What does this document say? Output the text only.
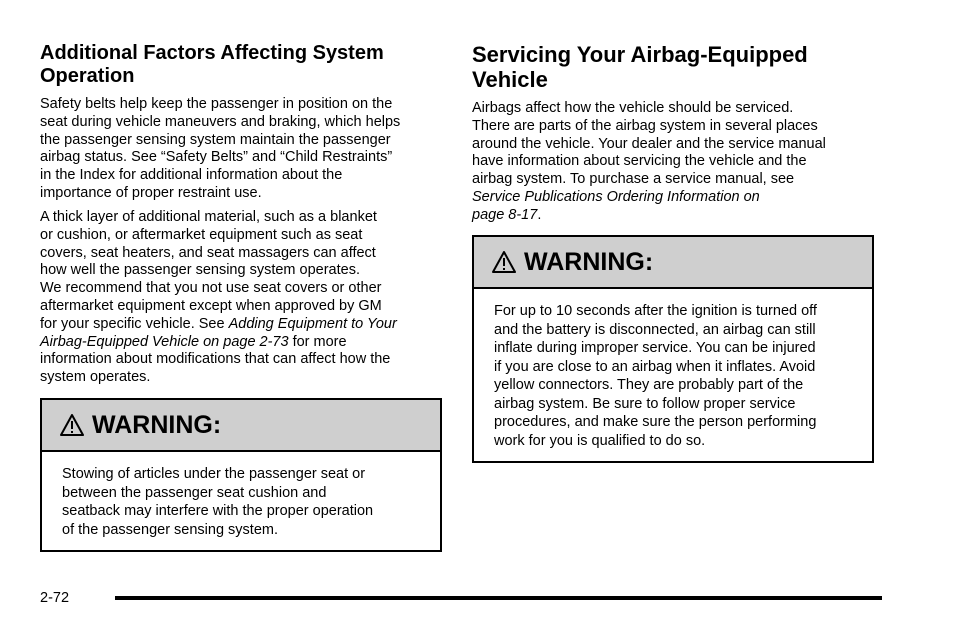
Additional Factors Affecting System
Operation

Safety belts help keep the passenger in position on the
seat during vehicle maneuvers and braking, which helps
the passenger sensing system maintain the passenger
airbag status. See “Safety Belts” and “Child Restraints”
in the Index for additional information about the
importance of proper restraint use.

A thick layer of additional material, such as a blanket
or cushion, or aftermarket equipment such as seat
covers, seat heaters, and seat massagers can affect
how well the passenger sensing system operates.
We recommend that you not use seat covers or other
aftermarket equipment except when approved by GM
for your specific vehicle. See Adding Equipment to Your
Airbag-Equipped Vehicle on page 2-73 for more
information about modifications that can affect how the
system operates.

WARNING:
Stowing of articles under the passenger seat or
between the passenger seat cushion and
seatback may interfere with the proper operation
of the passenger sensing system.
Servicing Your Airbag-Equipped
Vehicle

Airbags affect how the vehicle should be serviced.
There are parts of the airbag system in several places
around the vehicle. Your dealer and the service manual
have information about servicing the vehicle and the
airbag system. To purchase a service manual, see
Service Publications Ordering Information on
page 8-17.

WARNING:
For up to 10 seconds after the ignition is turned off
and the battery is disconnected, an airbag can still
inflate during improper service. You can be injured
if you are close to an airbag when it inflates. Avoid
yellow connectors. They are probably part of the
airbag system. Be sure to follow proper service
procedures, and make sure the person performing
work for you is qualified to do so.
2-72
